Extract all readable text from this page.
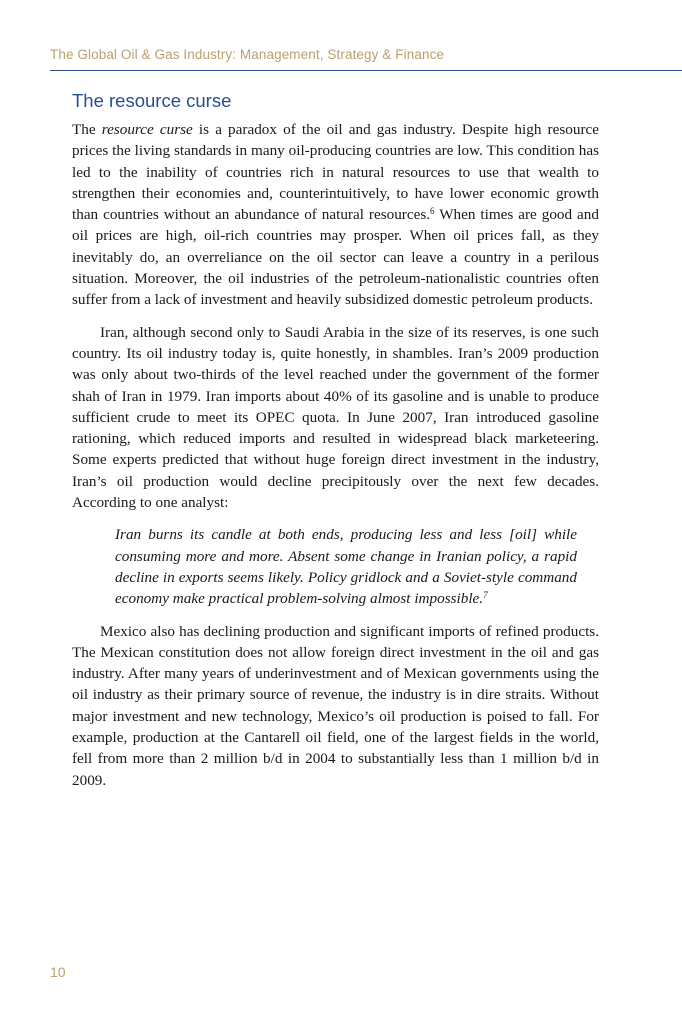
The Global Oil & Gas Industry: Management, Strategy & Finance
The resource curse

The resource curse is a paradox of the oil and gas industry. Despite high resource prices the living standards in many oil-producing countries are low. This condition has led to the inability of countries rich in natural resources to use that wealth to strengthen their economies and, counterintuitively, to have lower economic growth than countries without an abundance of natural resources.$^6$ When times are good and oil prices are high, oil-rich countries may prosper. When oil prices fall, as they inevitably do, an overreliance on the oil sector can leave a country in a perilous situation. Moreover, the oil industries of the petroleum-nationalistic countries often suffer from a lack of investment and heavily subsidized domestic petroleum products.

Iran, although second only to Saudi Arabia in the size of its reserves, is one such country. Its oil industry today is, quite honestly, in shambles. Iran’s 2009 production was only about two-thirds of the level reached under the government of the former shah of Iran in 1979. Iran imports about 40% of its gasoline and is unable to produce sufficient crude to meet its OPEC quota. In June 2007, Iran introduced gasoline rationing, which reduced imports and resulted in widespread black marketeering. Some experts predicted that without huge foreign direct investment in the industry, Iran’s oil production would decline precipitously over the next few decades. According to one analyst:

Iran burns its candle at both ends, producing less and less [oil] while consuming more and more. Absent some change in Iranian policy, a rapid decline in exports seems likely. Policy gridlock and a Soviet-style command economy make practical problem-solving almost impossible.$^7$

Mexico also has declining production and significant imports of refined products. The Mexican constitution does not allow foreign direct investment in the oil and gas industry. After many years of underinvestment and of Mexican governments using the oil industry as their primary source of revenue, the industry is in dire straits. Without major investment and new technology, Mexico’s oil production is poised to fall. For example, production at the Cantarell oil field, one of the largest fields in the world, fell from more than 2 million b/d in 2004 to substantially less than 1 million b/d in 2009.

10
